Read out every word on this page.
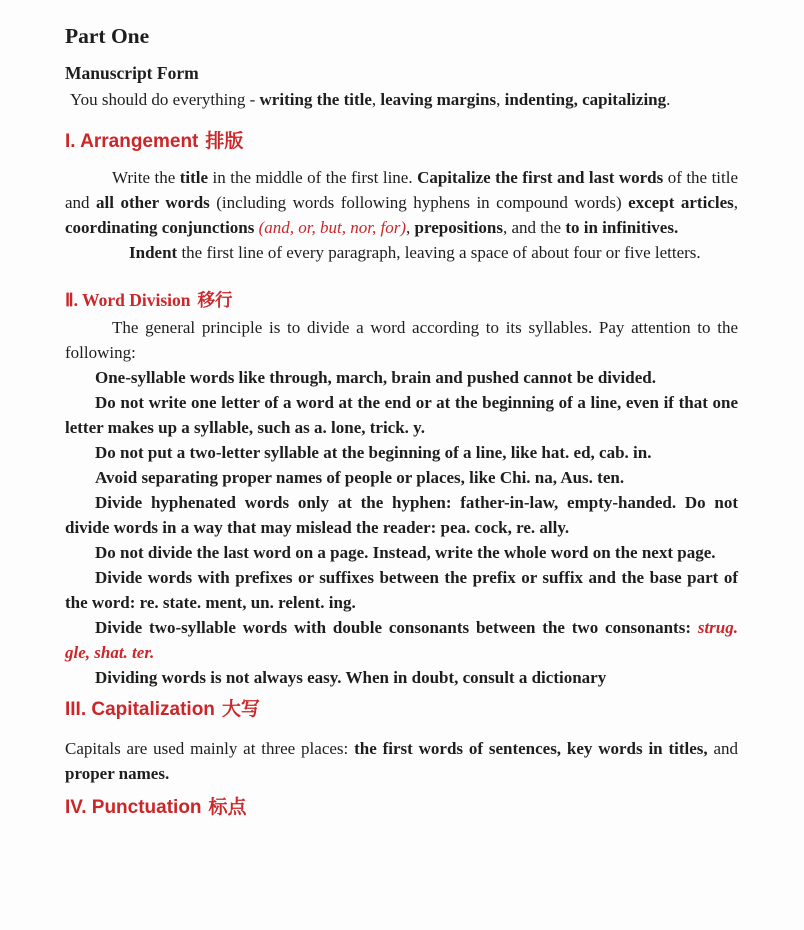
Part One
Manuscript Form

You should do everything - writing the title, leaving margins, indenting, capitalizing.

I. Arrangement 排版

Write the title in the middle of the first line. Capitalize the first and last words of the title and all other words (including words following hyphens in compound words) except articles, coordinating conjunctions (and, or, but, nor, for), prepositions, and the to in infinitives.

Indent the first line of every paragraph, leaving a space of about four or five letters.

Ⅱ. Word Division 移行

The general principle is to divide a word according to its syllables. Pay attention to the following:

One-syllable words like through, march, brain and pushed cannot be divided.

Do not write one letter of a word at the end or at the beginning of a line, even if that one letter makes up a syllable, such as a. lone, trick. y.

Do not put a two-letter syllable at the beginning of a line, like hat. ed, cab. in.

Avoid separating proper names of people or places, like Chi. na, Aus. ten.

Divide hyphenated words only at the hyphen: father-in-law, empty-handed. Do not divide words in a way that may mislead the reader: pea. cock, re. ally.

Do not divide the last word on a page. Instead, write the whole word on the next page.

Divide words with prefixes or suffixes between the prefix or suffix and the base part of the word: re. state. ment, un. relent. ing.

Divide two-syllable words with double consonants between the two consonants: strug. gle, shat. ter.

Dividing words is not always easy. When in doubt, consult a dictionary

III. Capitalization 大写

Capitals are used mainly at three places: the first words of sentences, key words in titles, and proper names.

IV. Punctuation 标点
